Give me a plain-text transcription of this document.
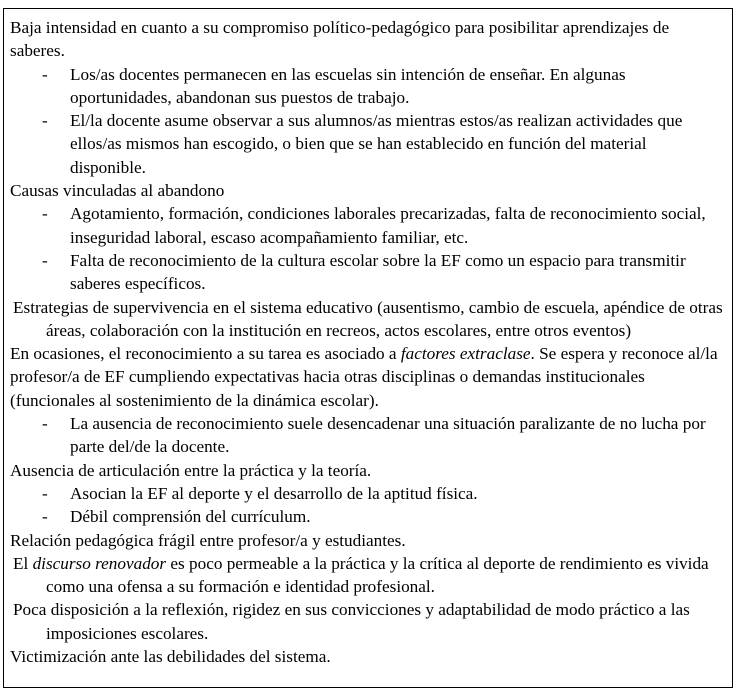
Baja intensidad en cuanto a su compromiso político-pedagógico para posibilitar aprendizajes de saberes.

- Los/as docentes permanecen en las escuelas sin intención de enseñar. En algunas oportunidades, abandonan sus puestos de trabajo.

- El/la docente asume observar a sus alumnos/as mientras estos/as realizan actividades que ellos/as mismos han escogido, o bien que se han establecido en función del material disponible.

Causas vinculadas al abandono

- Agotamiento, formación, condiciones laborales precarizadas, falta de reconocimiento social, inseguridad laboral, escaso acompañamiento familiar, etc.

- Falta de reconocimiento de la cultura escolar sobre la EF como un espacio para transmitir saberes específicos.

Estrategias de supervivencia en el sistema educativo (ausentismo, cambio de escuela, apéndice de otras áreas, colaboración con la institución en recreos, actos escolares, entre otros eventos)

En ocasiones, el reconocimiento a su tarea es asociado a factores extraclase. Se espera y reconoce al/la profesor/a de EF cumpliendo expectativas hacia otras disciplinas o demandas institucionales (funcionales al sostenimiento de la dinámica escolar).

- La ausencia de reconocimiento suele desencadenar una situación paralizante de no lucha por parte del/de la docente.

Ausencia de articulación entre la práctica y la teoría.

- Asocian la EF al deporte y el desarrollo de la aptitud física.

- Débil comprensión del currículum.

Relación pedagógica frágil entre profesor/a y estudiantes.

El discurso renovador es poco permeable a la práctica y la crítica al deporte de rendimiento es vivida como una ofensa a su formación e identidad profesional.

Poca disposición a la reflexión, rigidez en sus convicciones y adaptabilidad de modo práctico a las imposiciones escolares.

Victimización ante las debilidades del sistema.
